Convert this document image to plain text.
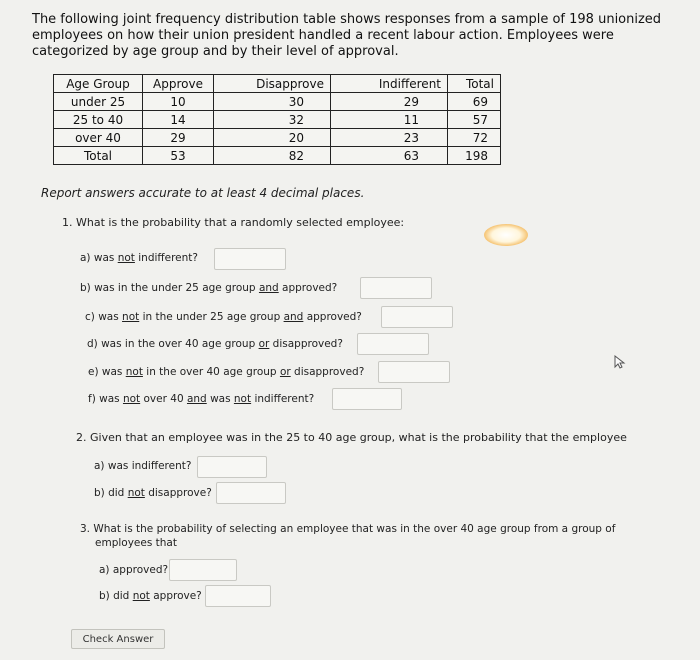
The following joint frequency distribution table shows responses from a sample of 198 unionized employees on how their union president handled a recent labour action. Employees were categorized by age group and by their level of approval.
Age Group	Approve	Disapprove	Indifferent	Total
under 25	10	30	29	69
25 to 40	14	32	11	57
over 40	29	20	23	72
Total	53	82	63	198
Report answers accurate to at least 4 decimal places.
1. What is the probability that a randomly selected employee:
a) was not indifferent?
b) was in the under 25 age group and approved?
c) was not in the under 25 age group and approved?
d) was in the over 40 age group or disapproved?
e) was not in the over 40 age group or disapproved?
f) was not over 40 and was not indifferent?
2. Given that an employee was in the 25 to 40 age group, what is the probability that the employee
a) was indifferent?
b) did not disapprove?
3. What is the probability of selecting an employee that was in the over 40 age group from a group of
employees that
a) approved?
b) did not approve?
Check Answer
